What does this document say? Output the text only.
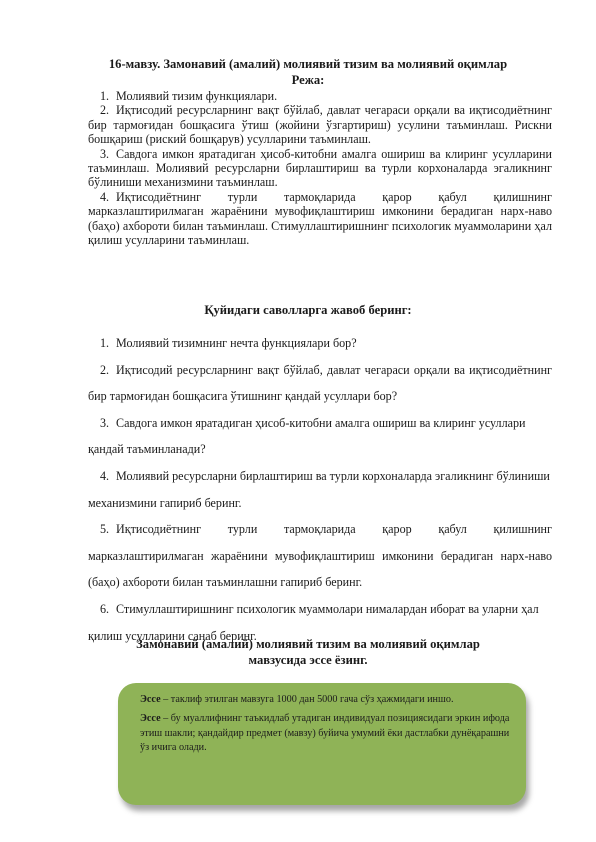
16-мавзу. Замонавий (амалий) молиявий тизим ва молиявий оқимлар
Режа:

1. Молиявий тизим функциялари.

2. Иқтисодий ресурсларнинг вақт бўйлаб, давлат чегараси орқали ва иқтисодиётнинг бир тармоғидан бошқасига ўтиш (жойини ўзгартириш) усулини таъминлаш. Рискни бошқариш (риский бошқарув) усулларини таъминлаш.

3. Савдога имкон яратадиган ҳисоб-китобни амалга ошириш ва клиринг усулларини таъминлаш. Молиявий ресурсларни бирлаштириш ва турли корхоналарда эгаликнинг бўлиниши механизмини таъминлаш.

4. Иқтисодиётнинг турли тармоқларида қарор қабул қилишнинг марказлаштирилмаган жараёнини мувофиқлаштириш имконини берадиган нарх-наво (баҳо) ахбороти билан таъминлаш. Стимуллаштиришнинг психологик муаммоларини ҳал қилиш усулларини таъминлаш.

Қуйидаги саволларга жавоб беринг:

1. Молиявий тизимнинг нечта функциялари бор?

2. Иқтисодий ресурсларнинг вақт бўйлаб, давлат чегараси орқали ва иқтисодиётнинг бир тармоғидан бошқасига ўтишнинг қандай усуллари бор?

3. Савдога имкон яратадиган ҳисоб-китобни амалга ошириш ва клиринг усуллари қандай таъминланади?

4. Молиявий ресурсларни бирлаштириш ва турли корхоналарда эгаликнинг бўлиниши механизмини гапириб беринг.

5. Иқтисодиётнинг турли тармоқларида қарор қабул қилишнинг марказлаштирилмаган жараёнини мувофиқлаштириш имконини берадиган нарх-наво (баҳо) ахбороти билан таъминлашни гапириб беринг.

6. Стимуллаштиришнинг психологик муаммолари нималардан иборат ва уларни ҳал қилиш усулларини санаб беринг.

Замонавий (амалий) молиявий тизим ва молиявий оқимлар
мавзусида эссе ёзинг.

Эссе – таклиф этилган мавзуга 1000 дан 5000 гача сўз ҳажмидаги иншо.

Эссе – бу муаллифнинг таъкидлаб утадиган индивидуал позициясидаги эркин ифода этиш шакли; қандайдир предмет (мавзу) буйича умумий ёки дастлабки дунёқарашни ўз ичига олади.
